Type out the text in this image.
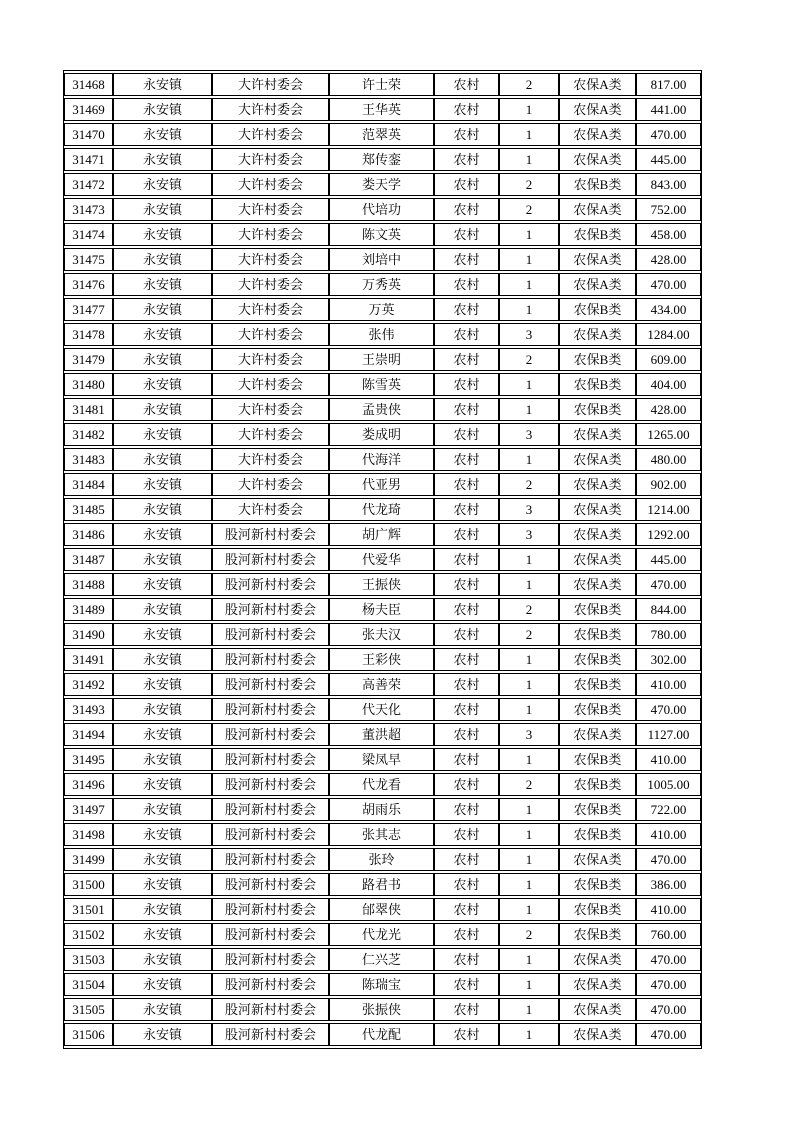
31468	永安镇	大许村委会	许士荣	农村	2	农保A类	817.00
31469	永安镇	大许村委会	王华英	农村	1	农保A类	441.00
31470	永安镇	大许村委会	范翠英	农村	1	农保A类	470.00
31471	永安镇	大许村委会	郑传銮	农村	1	农保A类	445.00
31472	永安镇	大许村委会	娄天学	农村	2	农保B类	843.00
31473	永安镇	大许村委会	代培功	农村	2	农保A类	752.00
31474	永安镇	大许村委会	陈文英	农村	1	农保B类	458.00
31475	永安镇	大许村委会	刘培中	农村	1	农保A类	428.00
31476	永安镇	大许村委会	万秀英	农村	1	农保A类	470.00
31477	永安镇	大许村委会	万英	农村	1	农保B类	434.00
31478	永安镇	大许村委会	张伟	农村	3	农保A类	1284.00
31479	永安镇	大许村委会	王崇明	农村	2	农保B类	609.00
31480	永安镇	大许村委会	陈雪英	农村	1	农保B类	404.00
31481	永安镇	大许村委会	孟贵侠	农村	1	农保B类	428.00
31482	永安镇	大许村委会	娄成明	农村	3	农保A类	1265.00
31483	永安镇	大许村委会	代海洋	农村	1	农保A类	480.00
31484	永安镇	大许村委会	代亚男	农村	2	农保A类	902.00
31485	永安镇	大许村委会	代龙琦	农村	3	农保A类	1214.00
31486	永安镇	股河新村村委会	胡广辉	农村	3	农保A类	1292.00
31487	永安镇	股河新村村委会	代爱华	农村	1	农保A类	445.00
31488	永安镇	股河新村村委会	王振侠	农村	1	农保A类	470.00
31489	永安镇	股河新村村委会	杨夫臣	农村	2	农保B类	844.00
31490	永安镇	股河新村村委会	张夫汉	农村	2	农保B类	780.00
31491	永安镇	股河新村村委会	王彩侠	农村	1	农保B类	302.00
31492	永安镇	股河新村村委会	高善荣	农村	1	农保B类	410.00
31493	永安镇	股河新村村委会	代天化	农村	1	农保B类	470.00
31494	永安镇	股河新村村委会	董洪超	农村	3	农保A类	1127.00
31495	永安镇	股河新村村委会	梁凤早	农村	1	农保B类	410.00
31496	永安镇	股河新村村委会	代龙看	农村	2	农保B类	1005.00
31497	永安镇	股河新村村委会	胡雨乐	农村	1	农保B类	722.00
31498	永安镇	股河新村村委会	张其志	农村	1	农保B类	410.00
31499	永安镇	股河新村村委会	张玲	农村	1	农保A类	470.00
31500	永安镇	股河新村村委会	路君书	农村	1	农保B类	386.00
31501	永安镇	股河新村村委会	邰翠侠	农村	1	农保B类	410.00
31502	永安镇	股河新村村委会	代龙光	农村	2	农保B类	760.00
31503	永安镇	股河新村村委会	仁兴芝	农村	1	农保A类	470.00
31504	永安镇	股河新村村委会	陈瑞宝	农村	1	农保A类	470.00
31505	永安镇	股河新村村委会	张振侠	农村	1	农保A类	470.00
31506	永安镇	股河新村村委会	代龙配	农村	1	农保A类	470.00
